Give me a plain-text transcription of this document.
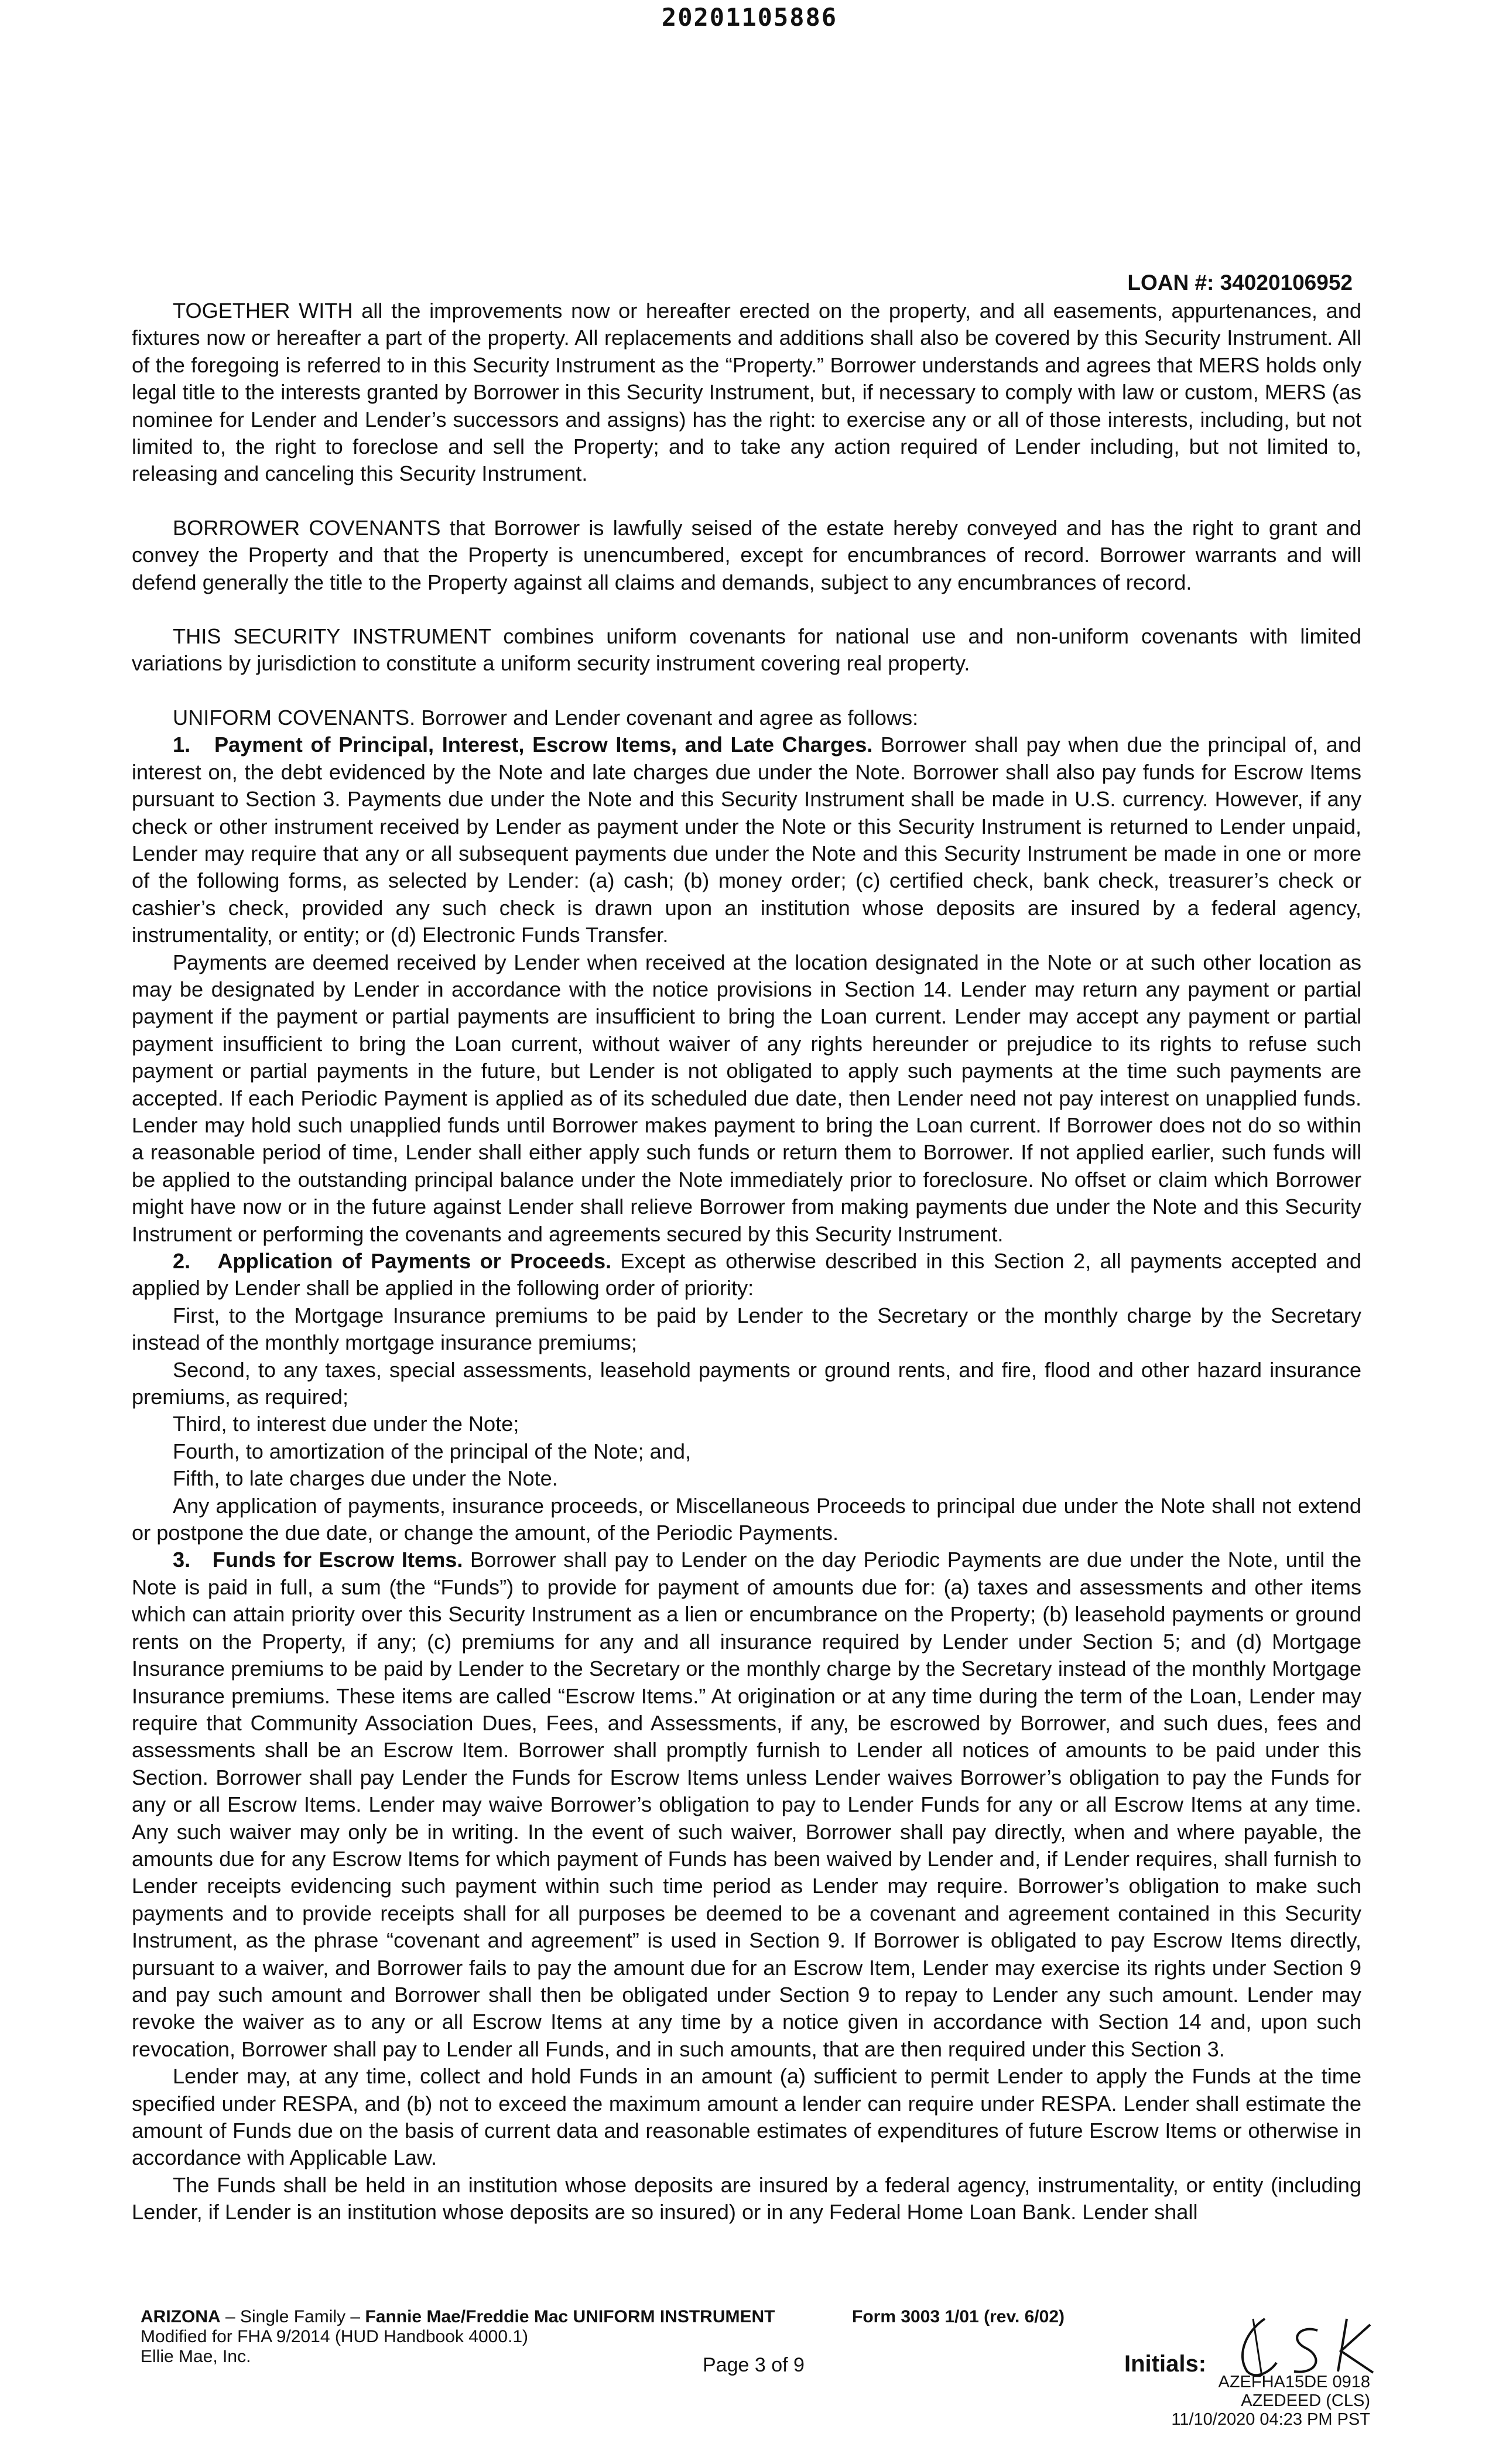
20201105886
LOAN #: 34020106952

TOGETHER WITH all the improvements now or hereafter erected on the property, and all easements, appurtenances, and fixtures now or hereafter a part of the property. All replacements and additions shall also be covered by this Security Instrument. All of the foregoing is referred to in this Security Instrument as the “Property.” Borrower understands and agrees that MERS holds only legal title to the interests granted by Borrower in this Security Instrument, but, if necessary to comply with law or custom, MERS (as nominee for Lender and Lender’s successors and assigns) has the right: to exercise any or all of those interests, including, but not limited to, the right to foreclose and sell the Property; and to take any action required of Lender including, but not limited to, releasing and canceling this Security Instrument.

BORROWER COVENANTS that Borrower is lawfully seised of the estate hereby conveyed and has the right to grant and convey the Property and that the Property is unencumbered, except for encumbrances of record. Borrower warrants and will defend generally the title to the Property against all claims and demands, subject to any encumbrances of record.

THIS SECURITY INSTRUMENT combines uniform covenants for national use and non-uniform covenants with limited variations by jurisdiction to constitute a uniform security instrument covering real property.

UNIFORM COVENANTS. Borrower and Lender covenant and agree as follows:

1. Payment of Principal, Interest, Escrow Items, and Late Charges. Borrower shall pay when due the principal of, and interest on, the debt evidenced by the Note and late charges due under the Note. Borrower shall also pay funds for Escrow Items pursuant to Section 3. Payments due under the Note and this Security Instrument shall be made in U.S. currency. However, if any check or other instrument received by Lender as payment under the Note or this Security Instrument is returned to Lender unpaid, Lender may require that any or all subsequent payments due under the Note and this Security Instrument be made in one or more of the following forms, as selected by Lender: (a) cash; (b) money order; (c) certified check, bank check, treasurer’s check or cashier’s check, provided any such check is drawn upon an institution whose deposits are insured by a federal agency, instrumentality, or entity; or (d) Electronic Funds Transfer.

Payments are deemed received by Lender when received at the location designated in the Note or at such other location as may be designated by Lender in accordance with the notice provisions in Section 14. Lender may return any payment or partial payment if the payment or partial payments are insufficient to bring the Loan current. Lender may accept any payment or partial payment insufficient to bring the Loan current, without waiver of any rights hereunder or prejudice to its rights to refuse such payment or partial payments in the future, but Lender is not obligated to apply such payments at the time such payments are accepted. If each Periodic Payment is applied as of its scheduled due date, then Lender need not pay interest on unapplied funds. Lender may hold such unapplied funds until Borrower makes payment to bring the Loan current. If Borrower does not do so within a reasonable period of time, Lender shall either apply such funds or return them to Borrower. If not applied earlier, such funds will be applied to the outstanding principal balance under the Note immediately prior to foreclosure. No offset or claim which Borrower might have now or in the future against Lender shall relieve Borrower from making payments due under the Note and this Security Instrument or performing the covenants and agreements secured by this Security Instrument.

2. Application of Payments or Proceeds. Except as otherwise described in this Section 2, all payments accepted and applied by Lender shall be applied in the following order of priority:

First, to the Mortgage Insurance premiums to be paid by Lender to the Secretary or the monthly charge by the Secretary instead of the monthly mortgage insurance premiums;

Second, to any taxes, special assessments, leasehold payments or ground rents, and fire, flood and other hazard insurance premiums, as required;

Third, to interest due under the Note;

Fourth, to amortization of the principal of the Note; and,

Fifth, to late charges due under the Note.

Any application of payments, insurance proceeds, or Miscellaneous Proceeds to principal due under the Note shall not extend or postpone the due date, or change the amount, of the Periodic Payments.

3. Funds for Escrow Items. Borrower shall pay to Lender on the day Periodic Payments are due under the Note, until the Note is paid in full, a sum (the “Funds”) to provide for payment of amounts due for: (a) taxes and assessments and other items which can attain priority over this Security Instrument as a lien or encumbrance on the Property; (b) leasehold payments or ground rents on the Property, if any; (c) premiums for any and all insurance required by Lender under Section 5; and (d) Mortgage Insurance premiums to be paid by Lender to the Secretary or the monthly charge by the Secretary instead of the monthly Mortgage Insurance premiums. These items are called “Escrow Items.” At origination or at any time during the term of the Loan, Lender may require that Community Association Dues, Fees, and Assessments, if any, be escrowed by Borrower, and such dues, fees and assessments shall be an Escrow Item. Borrower shall promptly furnish to Lender all notices of amounts to be paid under this Section. Borrower shall pay Lender the Funds for Escrow Items unless Lender waives Borrower’s obligation to pay the Funds for any or all Escrow Items. Lender may waive Borrower’s obligation to pay to Lender Funds for any or all Escrow Items at any time. Any such waiver may only be in writing. In the event of such waiver, Borrower shall pay directly, when and where payable, the amounts due for any Escrow Items for which payment of Funds has been waived by Lender and, if Lender requires, shall furnish to Lender receipts evidencing such payment within such time period as Lender may require. Borrower’s obligation to make such payments and to provide receipts shall for all purposes be deemed to be a covenant and agreement contained in this Security Instrument, as the phrase “covenant and agreement” is used in Section 9. If Borrower is obligated to pay Escrow Items directly, pursuant to a waiver, and Borrower fails to pay the amount due for an Escrow Item, Lender may exercise its rights under Section 9 and pay such amount and Borrower shall then be obligated under Section 9 to repay to Lender any such amount. Lender may revoke the waiver as to any or all Escrow Items at any time by a notice given in accordance with Section 14 and, upon such revocation, Borrower shall pay to Lender all Funds, and in such amounts, that are then required under this Section 3.

Lender may, at any time, collect and hold Funds in an amount (a) sufficient to permit Lender to apply the Funds at the time specified under RESPA, and (b) not to exceed the maximum amount a lender can require under RESPA. Lender shall estimate the amount of Funds due on the basis of current data and reasonable estimates of expenditures of future Escrow Items or otherwise in accordance with Applicable Law.

The Funds shall be held in an institution whose deposits are insured by a federal agency, instrumentality, or entity (including Lender, if Lender is an institution whose deposits are so insured) or in any Federal Home Loan Bank. Lender shall

ARIZONA – Single Family – Fannie Mae/Freddie Mac UNIFORM INSTRUMENT
Modified for FHA 9/2014 (HUD Handbook 4000.1)
Ellie Mae, Inc.
Form 3003 1/01 (rev. 6/02)
Page 3 of 9	Initials:
AZEFHA15DE 0918
AZEDEED (CLS)
11/10/2020 04:23 PM PST
